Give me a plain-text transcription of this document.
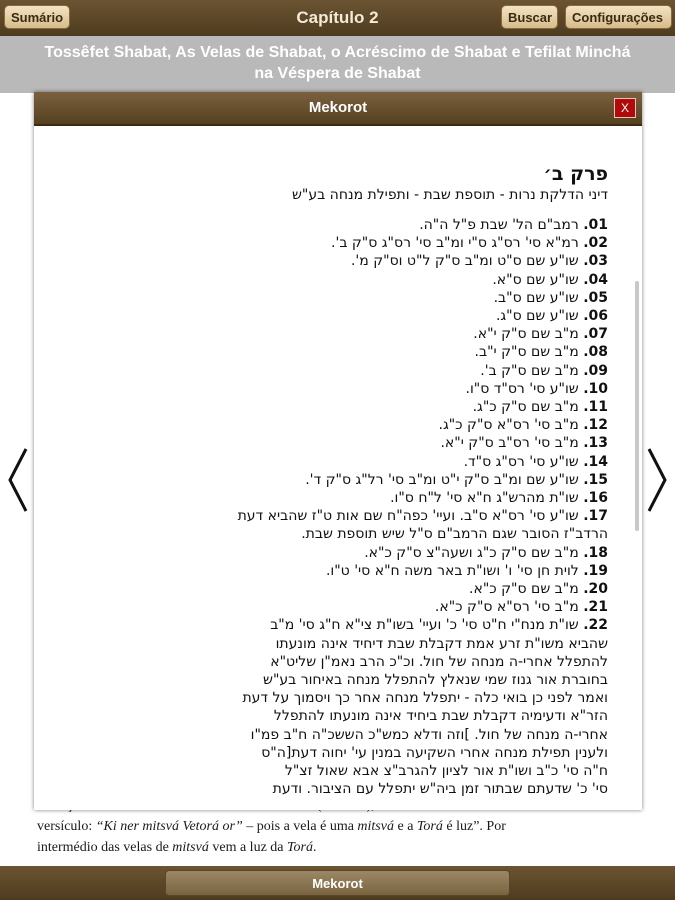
Sumário	Capítulo 2	Buscar	Configurações
Tossêfet Shabat, As Velas de Shabat, o Acréscimo de Shabat e Tefilat Minchá
na Véspera de Shabat

versículo: “Ki ner mitsvá Vetorá or” – pois a vela é uma mitsvá e a Torá é luz”. Por

intermédio das velas de mitsvá vem a luz da Torá.

Mekorot	X

פרק ב׳

דיני הדלקת נרות - תוספת שבת - ותפילת מנחה בע"ש

01. רמב"ם הל' שבת פ"ל ה"ה.
02. רמ"א סי' רס"ג ס"י ומ"ב סי' רס"ג ס"ק ב'.
03. שו"ע שם ס"ט ומ"ב ס"ק ל"ט וס"ק מ'.
04. שו"ע שם ס"א.
05. שו"ע שם ס"ב.
06. שו"ע שם ס"ג.
07. מ"ב שם ס"ק י"א.
08. מ"ב שם ס"ק י"ב.
09. מ"ב שם ס"ק ב'.
10. שו"ע סי' רס"ד ס"ו.
11. מ"ב שם ס"ק כ"ג.
12. מ"ב סי' רס"א ס"ק כ"ג.
13. מ"ב סי' רס"ב ס"ק י"א.
14. שו"ע סי' רס"ג ס"ד.
15. שו"ע שם ומ"ב ס"ק י"ט ומ"ב סי' רל"ג ס"ק ד'.
16. שו"ת מהרש"ג ח"א סי' ל"ח ס"ו.
17. שו"ע סי' רס"א ס"ב. ועיי' כפה"ח שם אות ט"ז שהביא דעת
הרדב"ז הסובר שגם הרמב"ם ס"ל שיש תוספת שבת.
18. מ"ב שם ס"ק כ"ג ושעה"צ ס"ק כ"א.
19. לוית חן סי' ו' ושו"ת באר משה ח"א סי' ט"ו.
20. מ"ב שם ס"ק כ"א.
21. מ"ב סי' רס"א ס"ק כ"א.
22. שו"ת מנח"י ח"ט סי' כ' ועיי' בשו"ת צי"א ח"ג סי' מ"ב
שהביא משו"ת זרע אמת דקבלת שבת דיחיד אינה מונעתו
להתפלל אחרי-ה מנחה של חול. וכ"כ הרב נאמ"ן שליט"א
בחוברת אור גנוז שמי שנאלץ להתפלל מנחה באיחור בע"ש
ואמר לפני כן בואי כלה - יתפלל מנחה אחר כך ויסמוך על דעת
הזר"א ודעימיה דקבלת שבת ביחיד אינה מונעתו להתפלל
אחרי-ה מנחה של חול. ]וזה ודלא כמש"כ הששכ"ה ח"ב פמ"ו
ולענין תפילת מנחה אחרי השקיעה במנין עי' יחוה דעת[ה"ס
ח"ה סי' כ"ב ושו"ת אור לציון להגרב"צ אבא שאול זצ"ל
סי' כ' שדעתם שבתור זמן ביה"ש יתפלל עם הציבור. ודעת
Mekorot
